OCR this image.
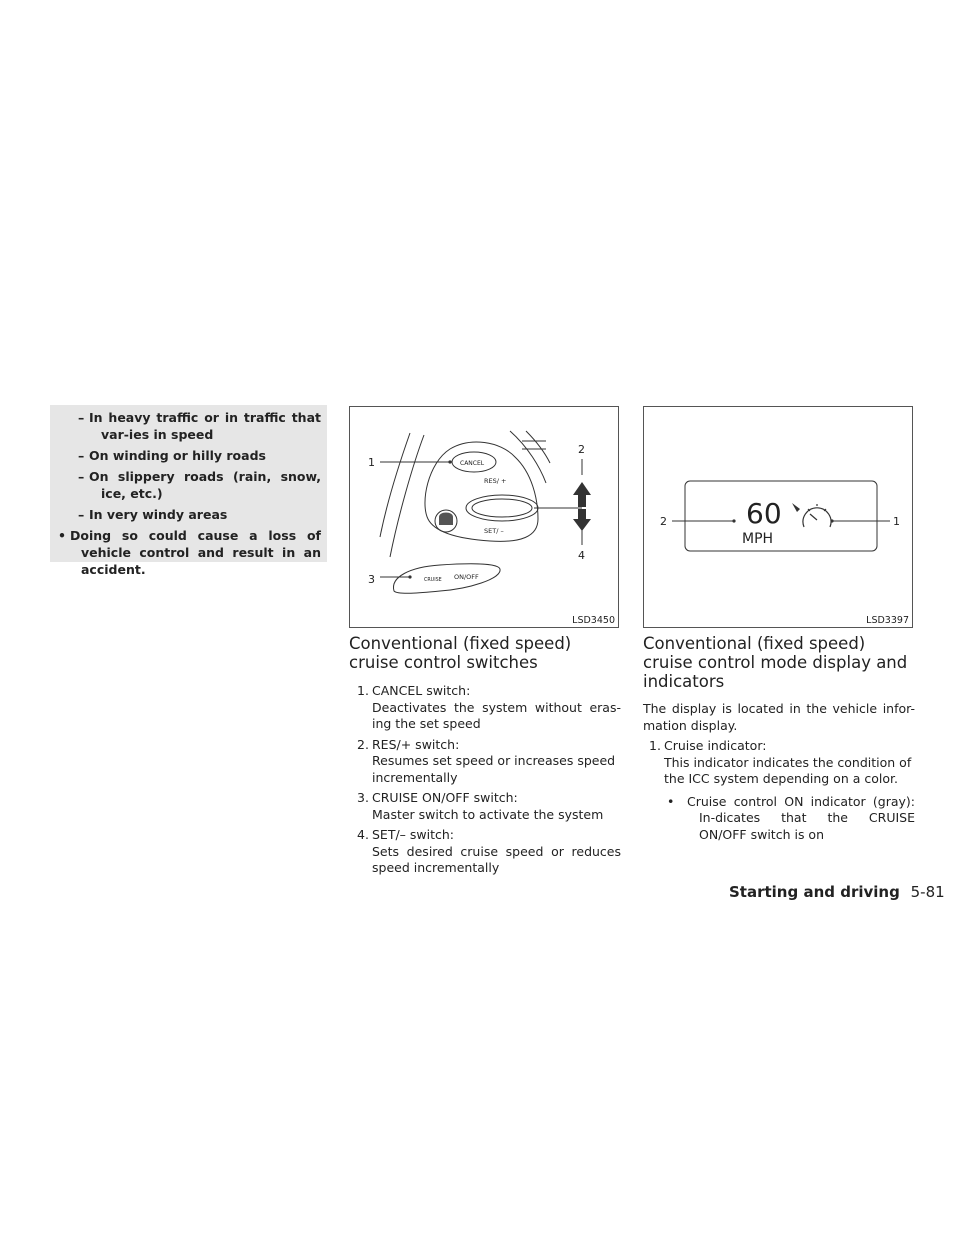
– In heavy traffic or in traffic that var-ies in speed
– On winding or hilly roads
– On slippery roads (rain, snow, ice, etc.)
– In very windy areas
• Doing so could cause a loss of vehicle control and result in an accident.
1
2
3
4
CANCEL
RES/ +
SET/ –
CRUISE ON/OFF
LSD3450
60
MPH
2	1
LSD3397
Conventional (fixed speed) cruise control switches
1. CANCEL switch:
Deactivates the system without eras-ing the set speed
2. RES/+ switch:
Resumes set speed or increases speed incrementally
3. CRUISE ON/OFF switch:
Master switch to activate the system
4. SET/– switch:
Sets desired cruise speed or reduces speed incrementally
Conventional (fixed speed) cruise control mode display and indicators
The display is located in the vehicle infor-mation display.
1. Cruise indicator:
This indicator indicates the condition of the ICC system depending on a color.
• Cruise control ON indicator (gray): In-dicates that the CRUISE ON/OFF switch is on
Starting and driving 5-81
